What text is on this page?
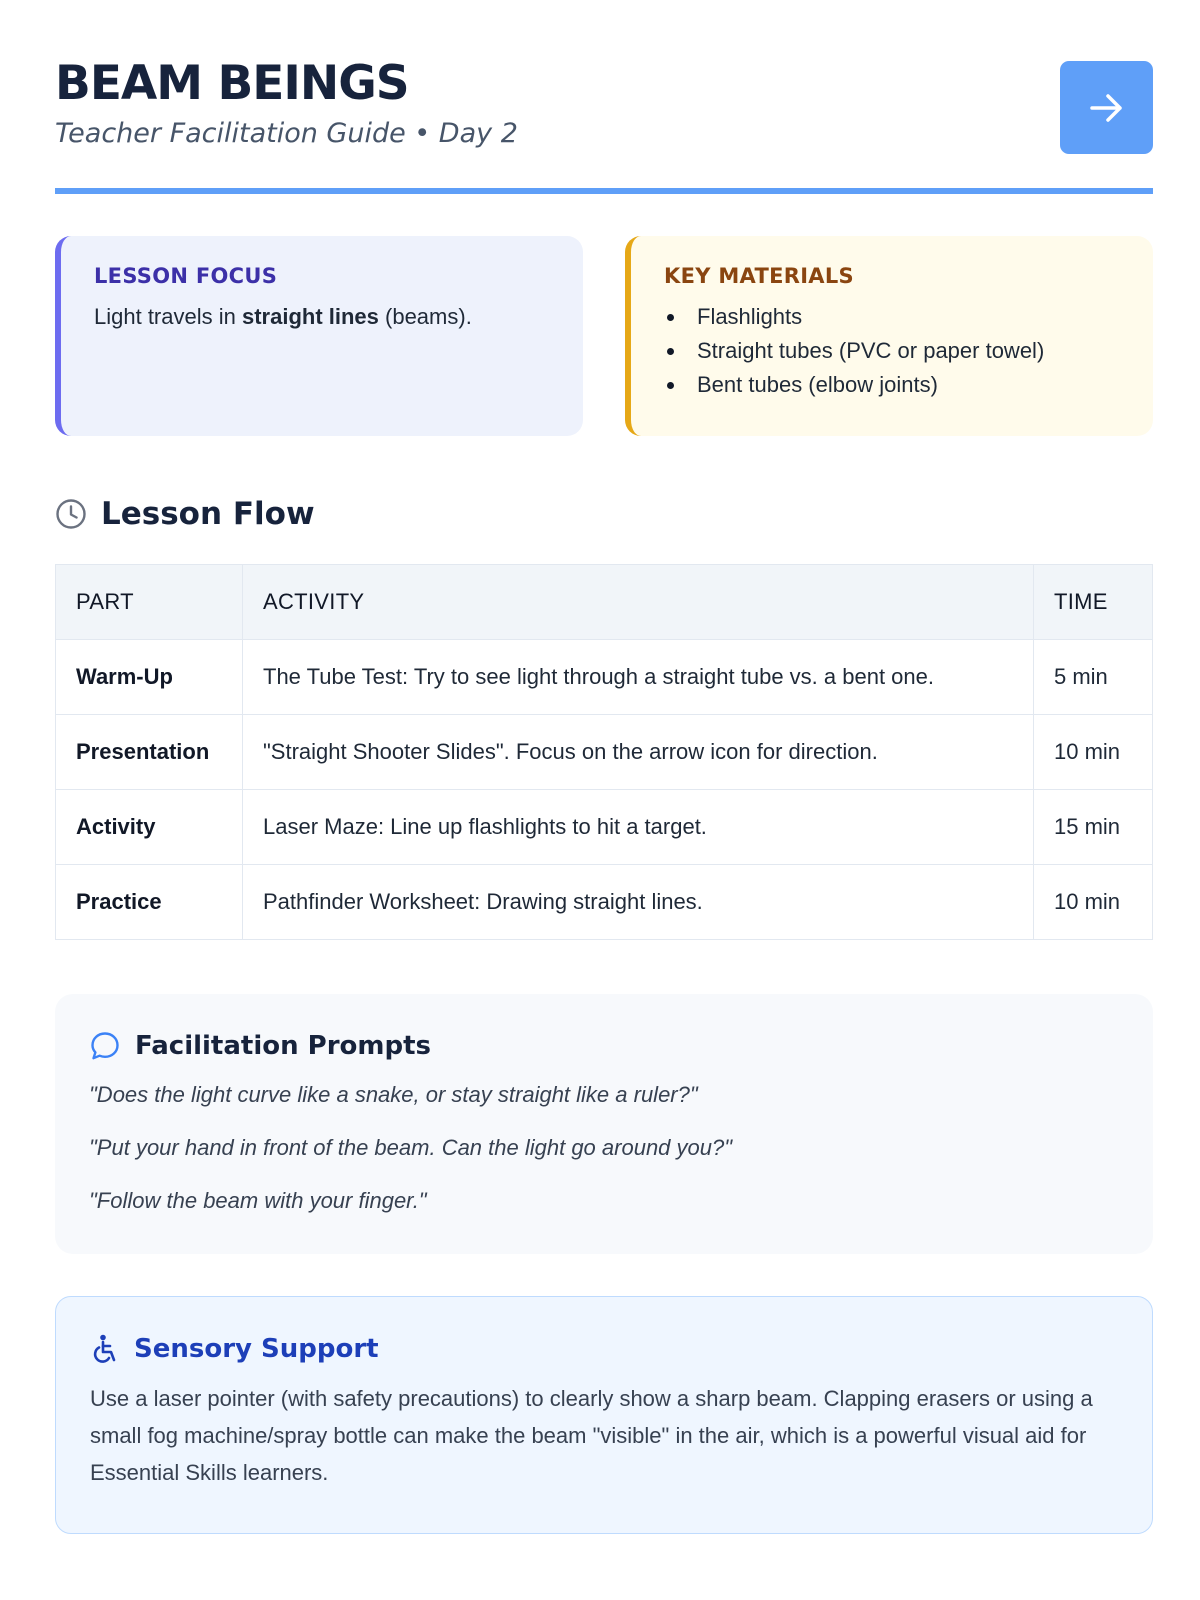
BEAM BEINGS
Teacher Facilitation Guide • Day 2
LESSON FOCUS
Light travels in straight lines (beams).
KEY MATERIALS
Flashlights
Straight tubes (PVC or paper towel)
Bent tubes (elbow joints)
Lesson Flow
PART	ACTIVITY	TIME
Warm-Up	The Tube Test: Try to see light through a straight tube vs. a bent one.	5 min
Presentation	"Straight Shooter Slides". Focus on the arrow icon for direction.	10 min
Activity	Laser Maze: Line up flashlights to hit a target.	15 min
Practice	Pathfinder Worksheet: Drawing straight lines.	10 min
Facilitation Prompts

"Does the light curve like a snake, or stay straight like a ruler?"

"Put your hand in front of the beam. Can the light go around you?"

"Follow the beam with your finger."

Sensory Support

Use a laser pointer (with safety precautions) to clearly show a sharp beam. Clapping erasers or using a small fog machine/spray bottle can make the beam "visible" in the air, which is a powerful visual aid for Essential Skills learners.
